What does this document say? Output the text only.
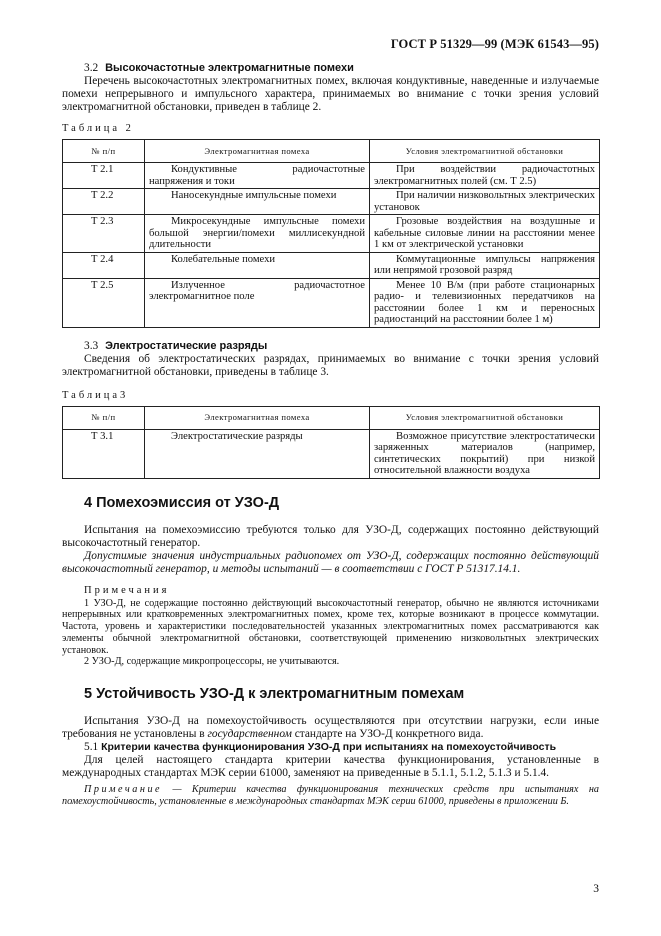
ГОСТ Р 51329—99 (МЭК 61543—95)
3.2 Высокочастотные электромагнитные помехи

Перечень высокочастотных электромагнитных помех, включая кондуктивные, наведенные и излучаемые помехи непрерывного и импульсного характера, принимаемых во внимание с точки зрения условий электромагнитной обстановки, приведен в таблице 2.

Таблица 2
№ п/п	Электромагнитная помеха	Условия электромагнитной обстановки
Т 2.1	Кондуктивные радиочастотные напряжения и токи	При воздействии радиочастотных электромагнитных полей (см. Т 2.5)
Т 2.2	Наносекундные импульсные помехи	При наличии низковольтных электрических установок
Т 2.3	Микросекундные импульсные помехи большой энергии/помехи миллисекундной длительности	Грозовые воздействия на воздушные и кабельные силовые линии на расстоянии менее 1 км от электрической установки
Т 2.4	Колебательные помехи	Коммутационные импульсы напряжения или непрямой грозовой разряд
Т 2.5	Излученное радиочастотное электромагнитное поле	Менее 10 В/м (при работе стационарных радио- и телевизионных передатчиков на расстоянии более 1 км и переносных радиостанций на расстоянии более 1 м)
3.3 Электростатические разряды

Сведения об электростатических разрядах, принимаемых во внимание с точки зрения условий электромагнитной обстановки, приведены в таблице 3.

Таблица3
№ п/п	Электромагнитная помеха	Условия электромагнитной обстановки
Т 3.1	Электростатические разряды	Возможное присутствие электростатически заряженных материалов (например, синтетических покрытий) при низкой относительной влажности воздуха
4 Помехоэмиссия от УЗО-Д

Испытания на помехоэмиссию требуются только для УЗО-Д, содержащих постоянно действующий высокочастотный генератор.

Допустимые значения индустриальных радиопомех от УЗО-Д, содержащих постоянно действующий высокочастотный генератор, и методы испытаний — в соответствии с ГОСТ Р 51317.14.1.

Примечания

1 УЗО-Д, не содержащие постоянно действующий высокочастотный генератор, обычно не являются источниками непрерывных или кратковременных электромагнитных помех, кроме тех, которые возникают в процессе коммутации. Частота, уровень и характеристики последовательностей указанных электромагнитных помех рассматриваются как элементы обычной электромагнитной обстановки, соответствующей применению низковольтных электрических установок.

2 УЗО-Д, содержащие микропроцессоры, не учитываются.

5 Устойчивость УЗО-Д к электромагнитным помехам

Испытания УЗО-Д на помехоустойчивость осуществляются при отсутствии нагрузки, если иные требования не установлены в государственном стандарте на УЗО-Д конкретного вида.

5.1 Критерии качества функционирования УЗО-Д при испытаниях на помехоустойчивость

Для целей настоящего стандарта критерии качества функционирования, установленные в международных стандартах МЭК серии 61000, заменяют на приведенные в 5.1.1, 5.1.2, 5.1.3 и 5.1.4.

Примечание — Критерии качества функционирования технических средств при испытаниях на помехоустойчивость, установленные в международных стандартах МЭК серии 61000, приведены в приложении Б.

3
